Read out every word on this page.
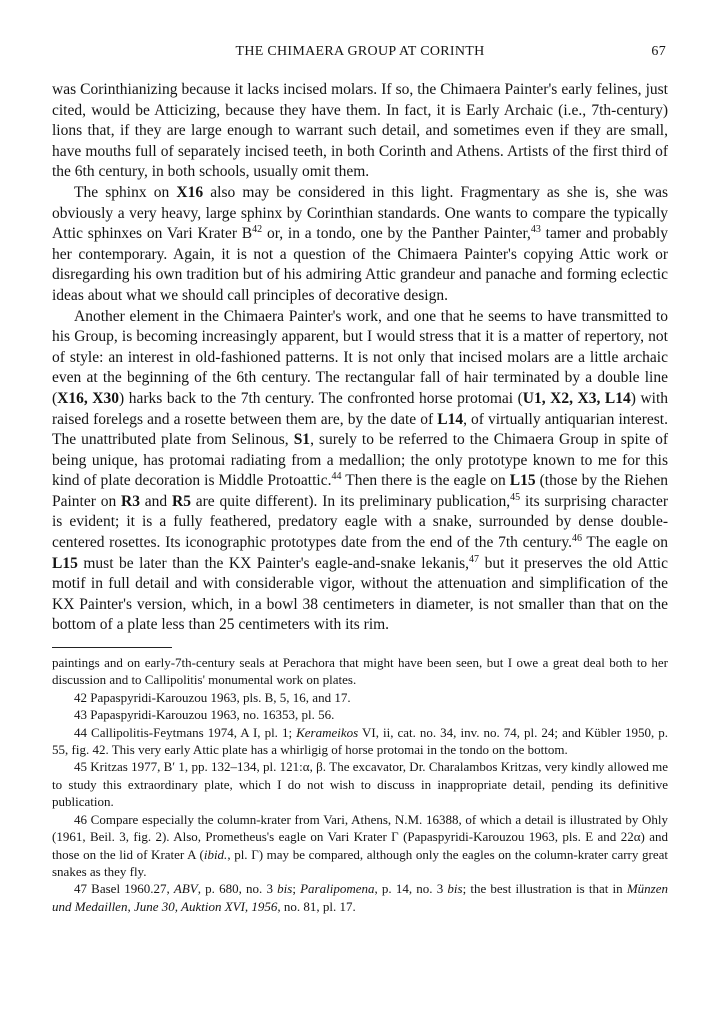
THE CHIMAERA GROUP AT CORINTH	67

was Corinthianizing because it lacks incised molars. If so, the Chimaera Painter's early felines, just cited, would be Atticizing, because they have them. In fact, it is Early Archaic (i.e., 7th-century) lions that, if they are large enough to warrant such detail, and sometimes even if they are small, have mouths full of separately incised teeth, in both Corinth and Athens. Artists of the first third of the 6th century, in both schools, usually omit them.

The sphinx on X16 also may be considered in this light. Fragmentary as she is, she was obviously a very heavy, large sphinx by Corinthian standards. One wants to compare the typically Attic sphinxes on Vari Krater $B^{42}$ or, in a tondo, one by the Panther Painter,$^{43}$ tamer and probably her contemporary. Again, it is not a question of the Chimaera Painter's copying Attic work or disregarding his own tradition but of his admiring Attic grandeur and panache and forming eclectic ideas about what we should call principles of decorative design.

Another element in the Chimaera Painter's work, and one that he seems to have transmitted to his Group, is becoming increasingly apparent, but I would stress that it is a matter of repertory, not of style: an interest in old-fashioned patterns. It is not only that incised molars are a little archaic even at the beginning of the 6th century. The rectangular fall of hair terminated by a double line (X16, X30) harks back to the 7th century. The confronted horse protomai (U1, X2, X3, L14) with raised forelegs and a rosette between them are, by the date of L14, of virtually antiquarian interest. The unattributed plate from Selinous, S1, surely to be referred to the Chimaera Group in spite of being unique, has protomai radiating from a medallion; the only prototype known to me for this kind of plate decoration is Middle Protoattic.$^{44}$ Then there is the eagle on L15 (those by the Riehen Painter on R3 and R5 are quite different). In its preliminary publication,$^{45}$ its surprising character is evident; it is a fully feathered, predatory eagle with a snake, surrounded by dense double-centered rosettes. Its iconographic prototypes date from the end of the 7th century.$^{46}$ The eagle on L15 must be later than the KX Painter's eagle-and-snake lekanis,$^{47}$ but it preserves the old Attic motif in full detail and with considerable vigor, without the attenuation and simplification of the KX Painter's version, which, in a bowl 38 centimeters in diameter, is not smaller than that on the bottom of a plate less than 25 centimeters with its rim.

paintings and on early-7th-century seals at Perachora that might have been seen, but I owe a great deal both to her discussion and to Callipolitis' monumental work on plates.

42 Papaspyridi-Karouzou 1963, pls. B, 5, 16, and 17.

43 Papaspyridi-Karouzou 1963, no. 16353, pl. 56.

44 Callipolitis-Feytmans 1974, A I, pl. 1; Kerameikos VI, ii, cat. no. 34, inv. no. 74, pl. 24; and Kübler 1950, p. 55, fig. 42. This very early Attic plate has a whirligig of horse protomai in the tondo on the bottom.

45 Kritzas 1977, Bʹ 1, pp. 132–134, pl. 121:α, β. The excavator, Dr. Charalambos Kritzas, very kindly allowed me to study this extraordinary plate, which I do not wish to discuss in inappropriate detail, pending its definitive publication.

46 Compare especially the column-krater from Vari, Athens, N.M. 16388, of which a detail is illustrated by Ohly (1961, Beil. 3, fig. 2). Also, Prometheus's eagle on Vari Krater Γ (Papaspyridi-Karouzou 1963, pls. E and 22α) and those on the lid of Krater A (ibid., pl. Γ) may be compared, although only the eagles on the column-krater carry great snakes as they fly.

47 Basel 1960.27, ABV, p. 680, no. 3 bis; Paralipomena, p. 14, no. 3 bis; the best illustration is that in Münzen und Medaillen, June 30, Auktion XVI, 1956, no. 81, pl. 17.
